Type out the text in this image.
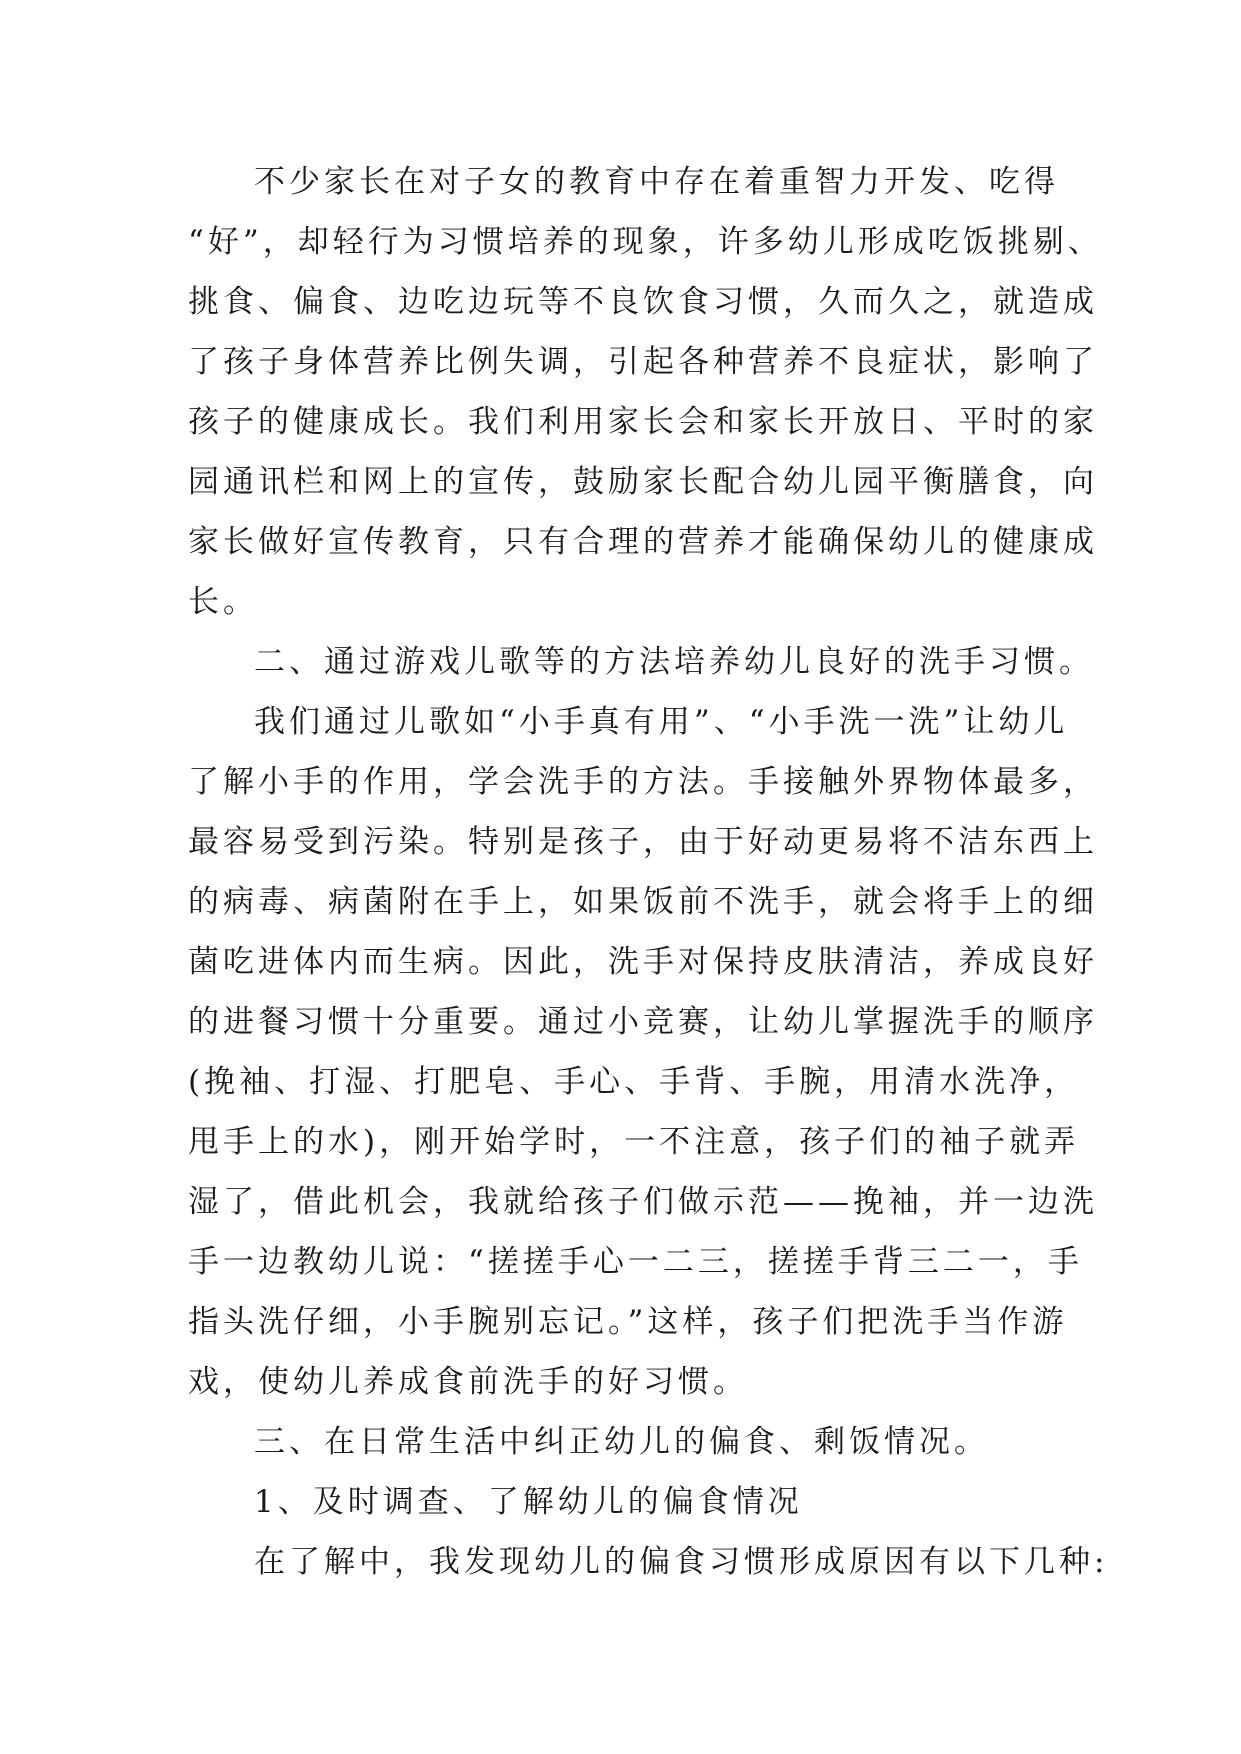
不少家长在对子女的教育中存在着重智力开发、吃得
“好”，却轻行为习惯培养的现象，许多幼儿形成吃饭挑剔、
挑食、偏食、边吃边玩等不良饮食习惯，久而久之，就造成
了孩子身体营养比例失调，引起各种营养不良症状，影响了
孩子的健康成长。我们利用家长会和家长开放日、平时的家
园通讯栏和网上的宣传，鼓励家长配合幼儿园平衡膳食，向
家长做好宣传教育，只有合理的营养才能确保幼儿的健康成
长。
二、通过游戏儿歌等的方法培养幼儿良好的洗手习惯。
我们通过儿歌如“小手真有用”、“小手洗一洗”让幼儿
了解小手的作用，学会洗手的方法。手接触外界物体最多，
最容易受到污染。特别是孩子，由于好动更易将不洁东西上
的病毒、病菌附在手上，如果饭前不洗手，就会将手上的细
菌吃进体内而生病。因此，洗手对保持皮肤清洁，养成良好
的进餐习惯十分重要。通过小竞赛，让幼儿掌握洗手的顺序
(挽袖、打湿、打肥皂、手心、手背、手腕，用清水洗净，
甩手上的水)，刚开始学时，一不注意，孩子们的袖子就弄
湿了，借此机会，我就给孩子们做示范——挽袖，并一边洗
手一边教幼儿说：“搓搓手心一二三，搓搓手背三二一，手
指头洗仔细，小手腕别忘记。”这样，孩子们把洗手当作游
戏，使幼儿养成食前洗手的好习惯。
三、在日常生活中纠正幼儿的偏食、剩饭情况。
1、及时调查、了解幼儿的偏食情况
在了解中，我发现幼儿的偏食习惯形成原因有以下几种:
